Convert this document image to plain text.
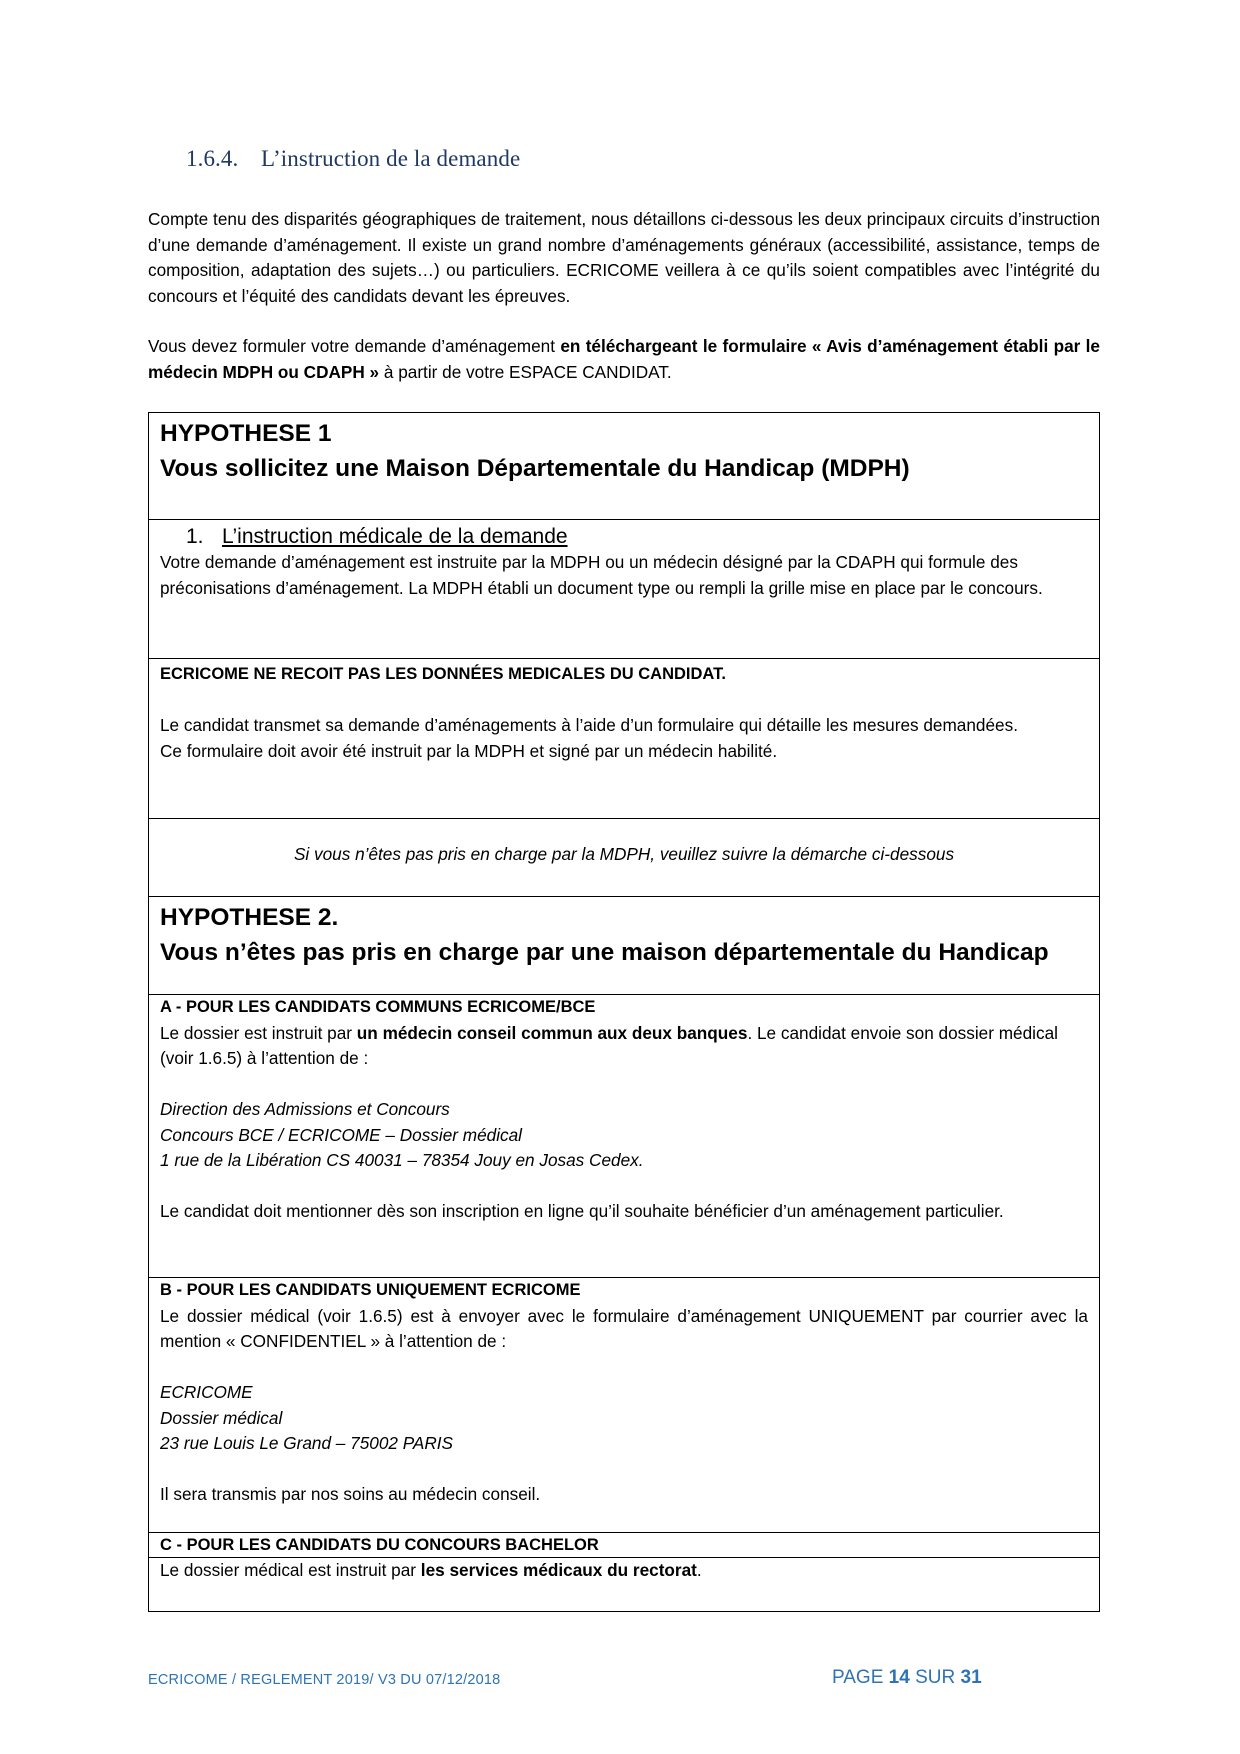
1.6.4. L’instruction de la demande
Compte tenu des disparités géographiques de traitement, nous détaillons ci-dessous les deux principaux circuits d’instruction d’une demande d’aménagement. Il existe un grand nombre d’aménagements généraux (accessibilité, assistance, temps de composition, adaptation des sujets…) ou particuliers. ECRICOME veillera à ce qu’ils soient compatibles avec l’intégrité du concours et l’équité des candidats devant les épreuves.
Vous devez formuler votre demande d’aménagement en téléchargeant le formulaire « Avis d’aménagement établi par le médecin MDPH ou CDAPH » à partir de votre ESPACE CANDIDAT.
HYPOTHESE 1
Vous sollicitez une Maison Départementale du Handicap (MDPH)
1. L’instruction médicale de la demande
Votre demande d’aménagement est instruite par la MDPH ou un médecin désigné par la CDAPH qui formule des préconisations d’aménagement. La MDPH établi un document type ou rempli la grille mise en place par le concours.
ECRICOME NE RECOIT PAS LES DONNÉES MEDICALES DU CANDIDAT.
Le candidat transmet sa demande d’aménagements à l’aide d’un formulaire qui détaille les mesures demandées.
Ce formulaire doit avoir été instruit par la MDPH et signé par un médecin habilité.
Si vous n’êtes pas pris en charge par la MDPH, veuillez suivre la démarche ci-dessous
HYPOTHESE 2.
Vous n’êtes pas pris en charge par une maison départementale du Handicap
A - POUR LES CANDIDATS COMMUNS ECRICOME/BCE
Le dossier est instruit par un médecin conseil commun aux deux banques. Le candidat envoie son dossier médical (voir 1.6.5) à l’attention de :
Direction des Admissions et Concours
Concours BCE / ECRICOME – Dossier médical
1 rue de la Libération CS 40031 – 78354 Jouy en Josas Cedex.
Le candidat doit mentionner dès son inscription en ligne qu’il souhaite bénéficier d’un aménagement particulier.
B - POUR LES CANDIDATS UNIQUEMENT ECRICOME
Le dossier médical (voir 1.6.5) est à envoyer avec le formulaire d’aménagement UNIQUEMENT par courrier avec la mention « CONFIDENTIEL » à l’attention de :
ECRICOME
Dossier médical
23 rue Louis Le Grand – 75002 PARIS
Il sera transmis par nos soins au médecin conseil.
C - POUR LES CANDIDATS DU CONCOURS BACHELOR
Le dossier médical est instruit par les services médicaux du rectorat.
ECRICOME / REGLEMENT 2019/ V3 DU 07/12/2018	PAGE 14 SUR 31
